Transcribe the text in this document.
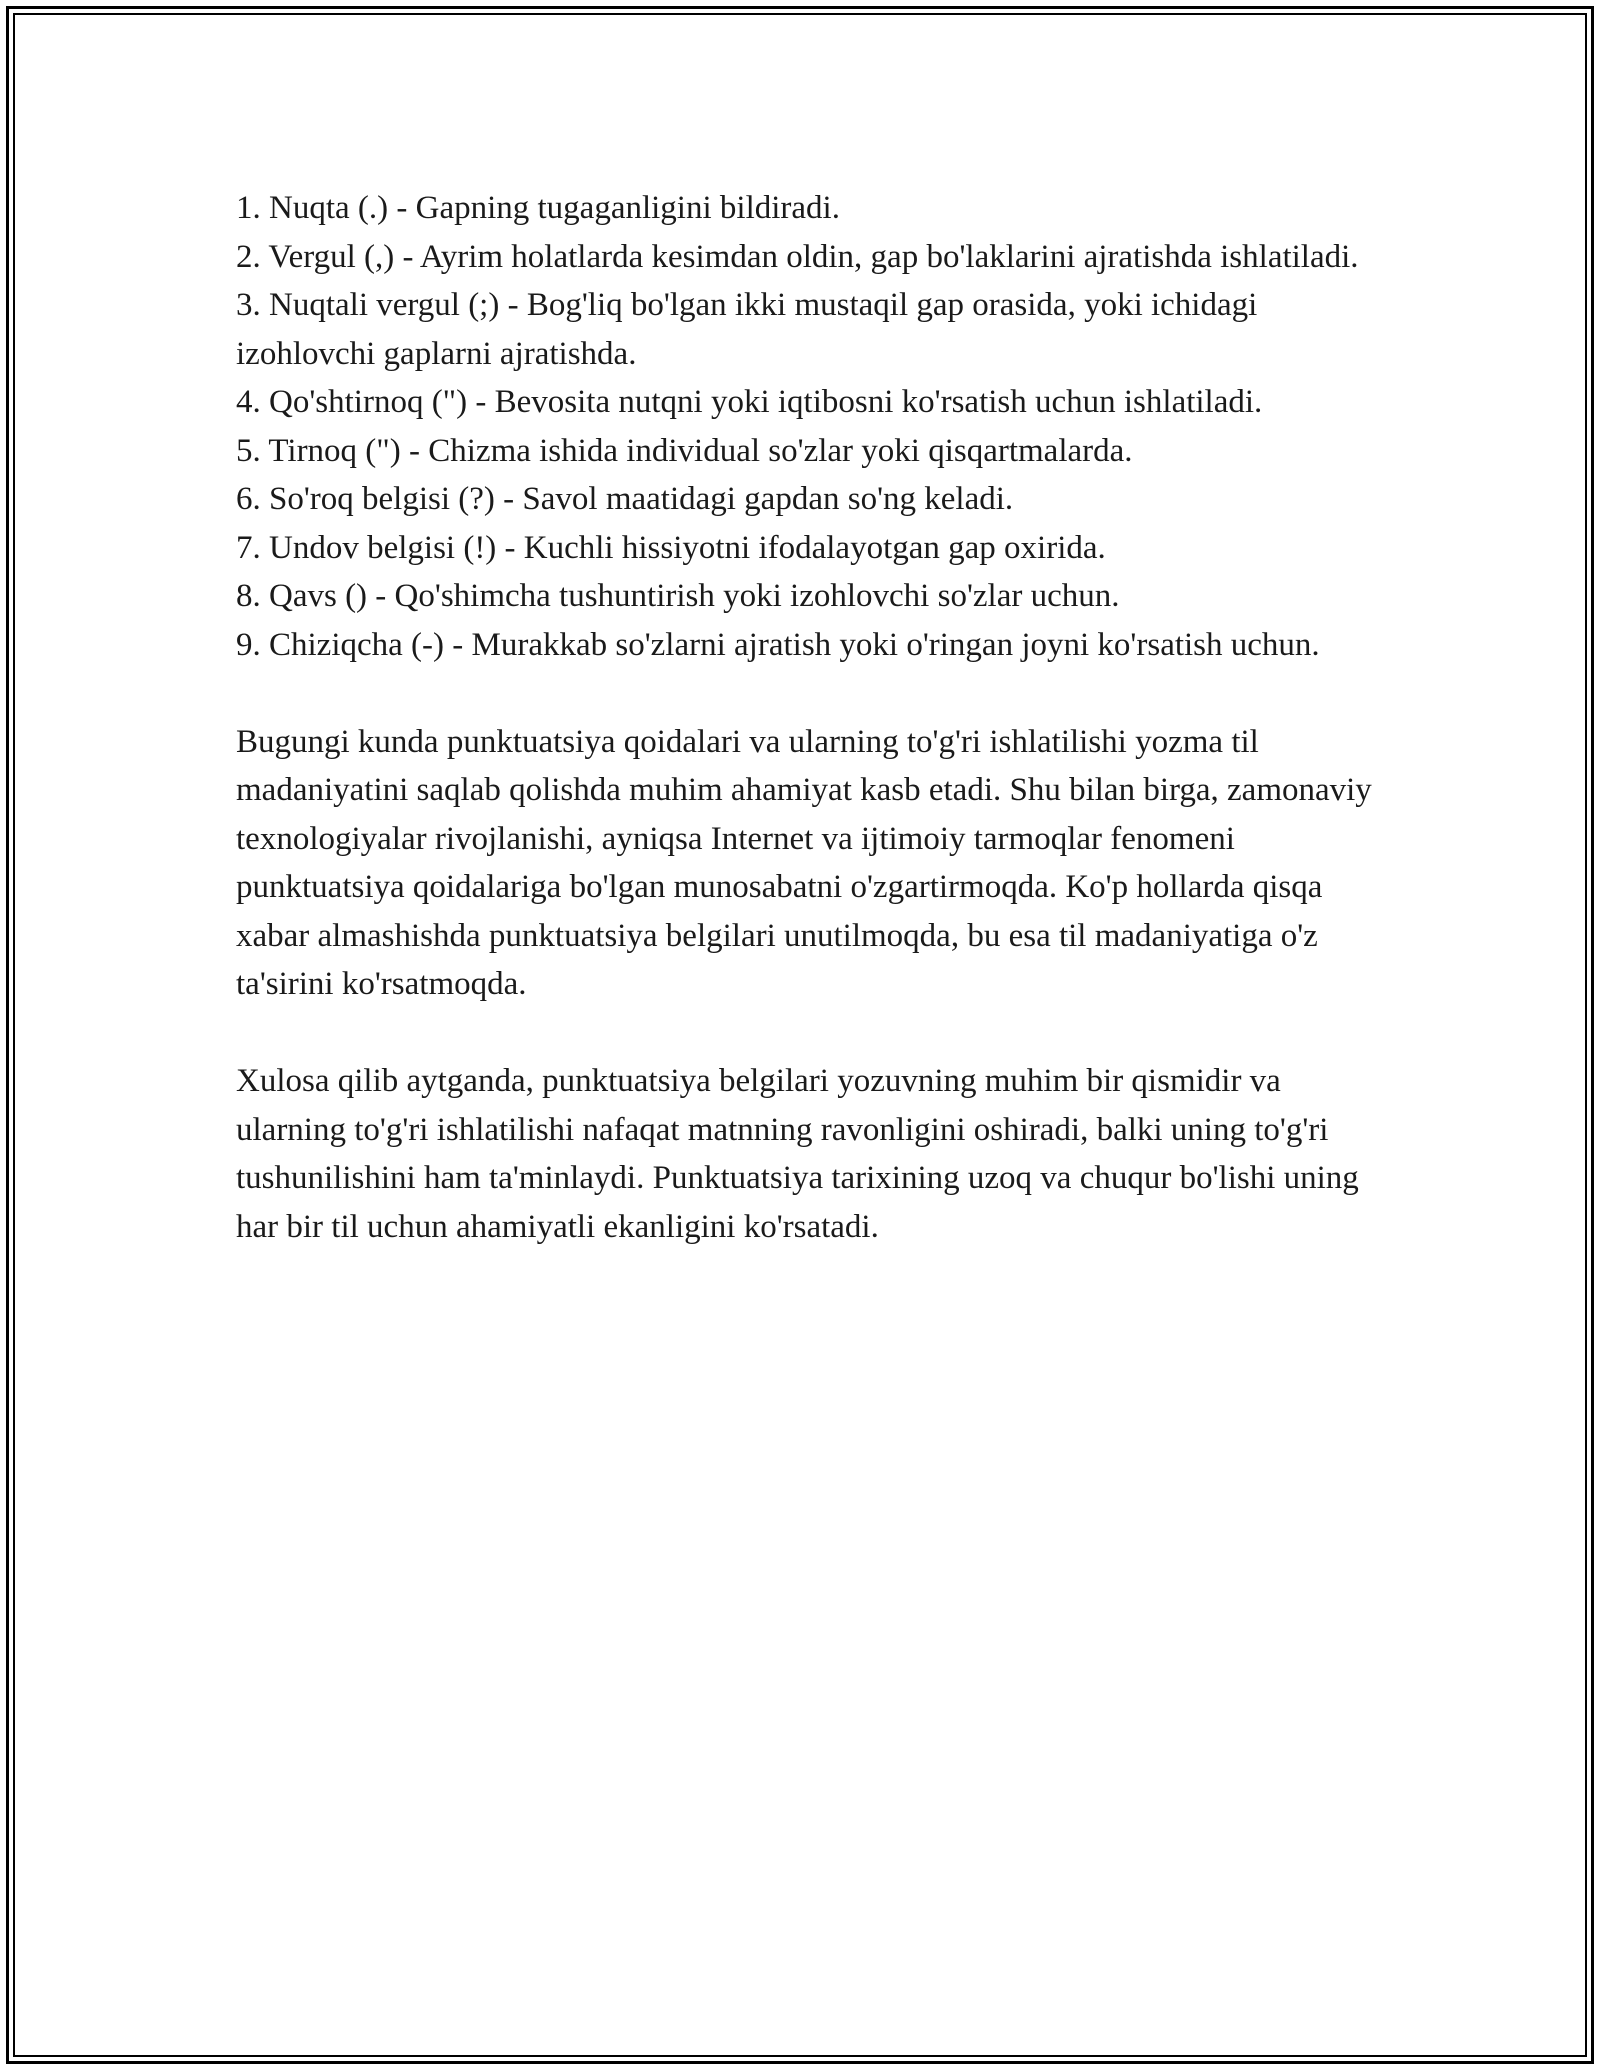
1. Nuqta (.) - Gapning tugaganligini bildiradi.

2. Vergul (,) - Ayrim holatlarda kesimdan oldin, gap bo'laklarini ajratishda ishlatiladi.

3. Nuqtali vergul (;) - Bog'liq bo'lgan ikki mustaqil gap orasida, yoki ichidagi izohlovchi gaplarni ajratishda.

4. Qo'shtirnoq (") - Bevosita nutqni yoki iqtibosni ko'rsatish uchun ishlatiladi.

5. Tirnoq (") - Chizma ishida individual so'zlar yoki qisqartmalarda.

6. So'roq belgisi (?) - Savol maatidagi gapdan so'ng keladi.

7. Undov belgisi (!) - Kuchli hissiyotni ifodalayotgan gap oxirida.

8. Qavs () - Qo'shimcha tushuntirish yoki izohlovchi so'zlar uchun.

9. Chiziqcha (-) - Murakkab so'zlarni ajratish yoki o'ringan joyni ko'rsatish uchun.

Bugungi kunda punktuatsiya qoidalari va ularning to'g'ri ishlatilishi yozma til madaniyatini saqlab qolishda muhim ahamiyat kasb etadi. Shu bilan birga, zamonaviy texnologiyalar rivojlanishi, ayniqsa Internet va ijtimoiy tarmoqlar fenomeni punktuatsiya qoidalariga bo'lgan munosabatni o'zgartirmoqda. Ko'p hollarda qisqa xabar almashishda punktuatsiya belgilari unutilmoqda, bu esa til madaniyatiga o'z ta'sirini ko'rsatmoqda.

Xulosa qilib aytganda, punktuatsiya belgilari yozuvning muhim bir qismidir va ularning to'g'ri ishlatilishi nafaqat matnning ravonligini oshiradi, balki uning to'g'ri tushunilishini ham ta'minlaydi. Punktuatsiya tarixining uzoq va chuqur bo'lishi uning har bir til uchun ahamiyatli ekanligini ko'rsatadi.
